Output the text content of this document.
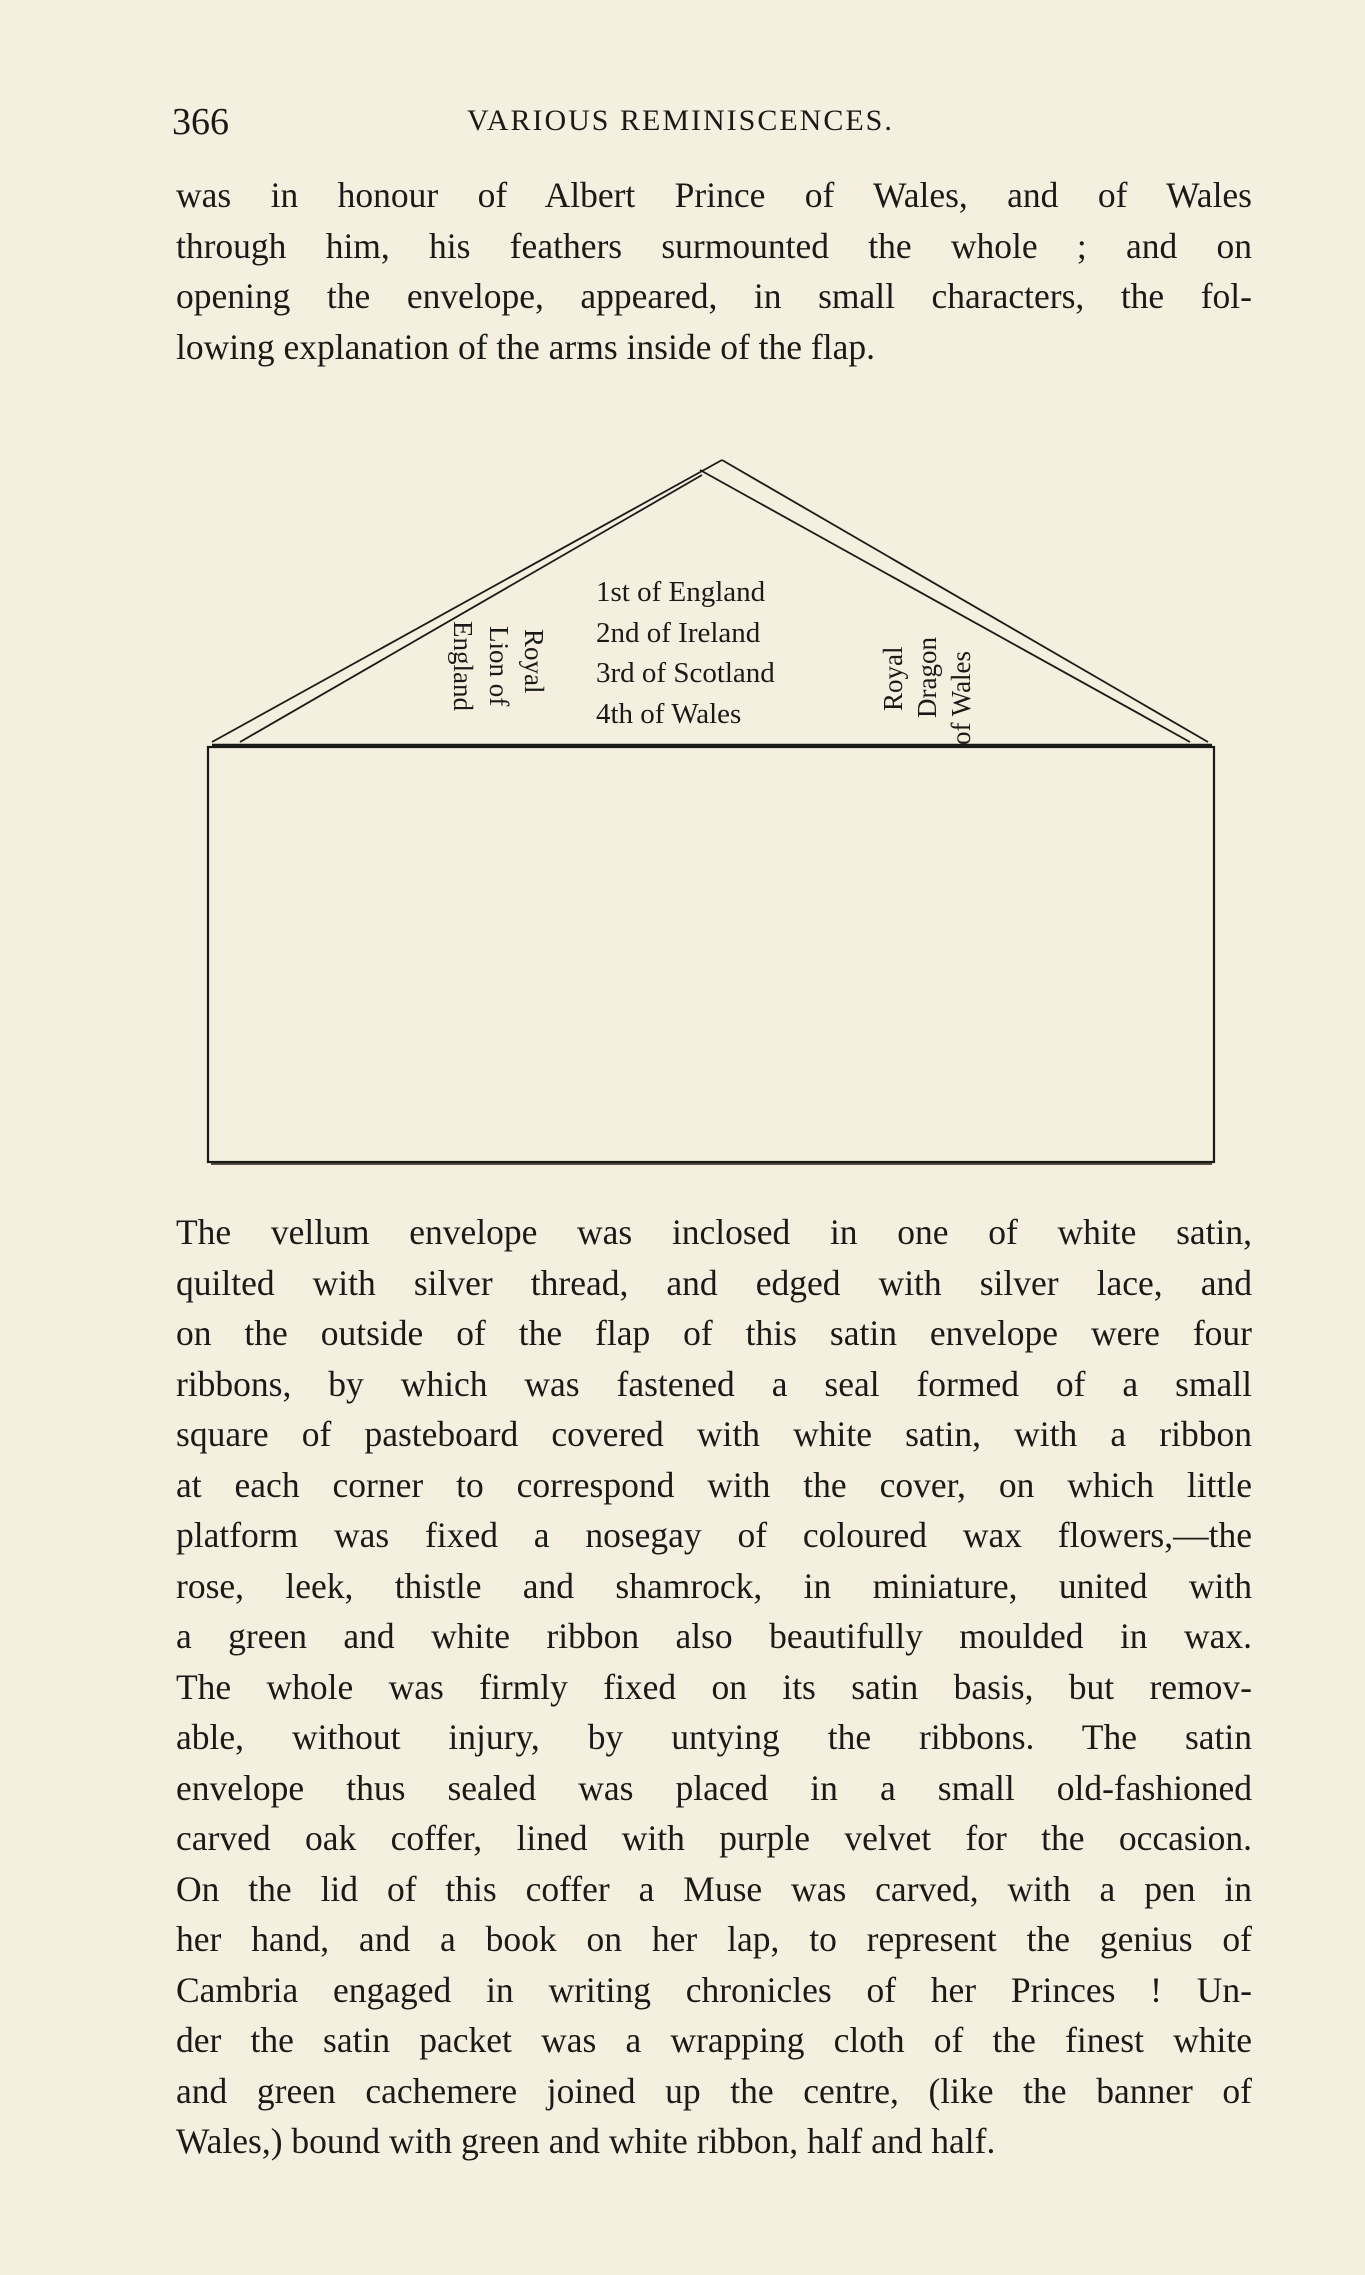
366	VARIOUS REMINISCENCES.
was in honour of Albert Prince of Wales, and of Wales
through him, his feathers surmounted the whole ; and on
opening the envelope, appeared, in small characters, the fol-
lowing explanation of the arms inside of the flap.
Royal
Lion of
England
1st of England
2nd of Ireland
3rd of Scotland
4th of Wales
Royal Dragon of Wales
The vellum envelope was inclosed in one of white satin,
quilted with silver thread, and edged with silver lace, and
on the outside of the flap of this satin envelope were four
ribbons, by which was fastened a seal formed of a small
square of pasteboard covered with white satin, with a ribbon
at each corner to correspond with the cover, on which little
platform was fixed a nosegay of coloured wax flowers,—the
rose, leek, thistle and shamrock, in miniature, united with
a green and white ribbon also beautifully moulded in wax.
The whole was firmly fixed on its satin basis, but remov-
able, without injury, by untying the ribbons. The satin
envelope thus sealed was placed in a small old-fashioned
carved oak coffer, lined with purple velvet for the occasion.
On the lid of this coffer a Muse was carved, with a pen in
her hand, and a book on her lap, to represent the genius of
Cambria engaged in writing chronicles of her Princes ! Un-
der the satin packet was a wrapping cloth of the finest white
and green cachemere joined up the centre, (like the banner of
Wales,) bound with green and white ribbon, half and half.
